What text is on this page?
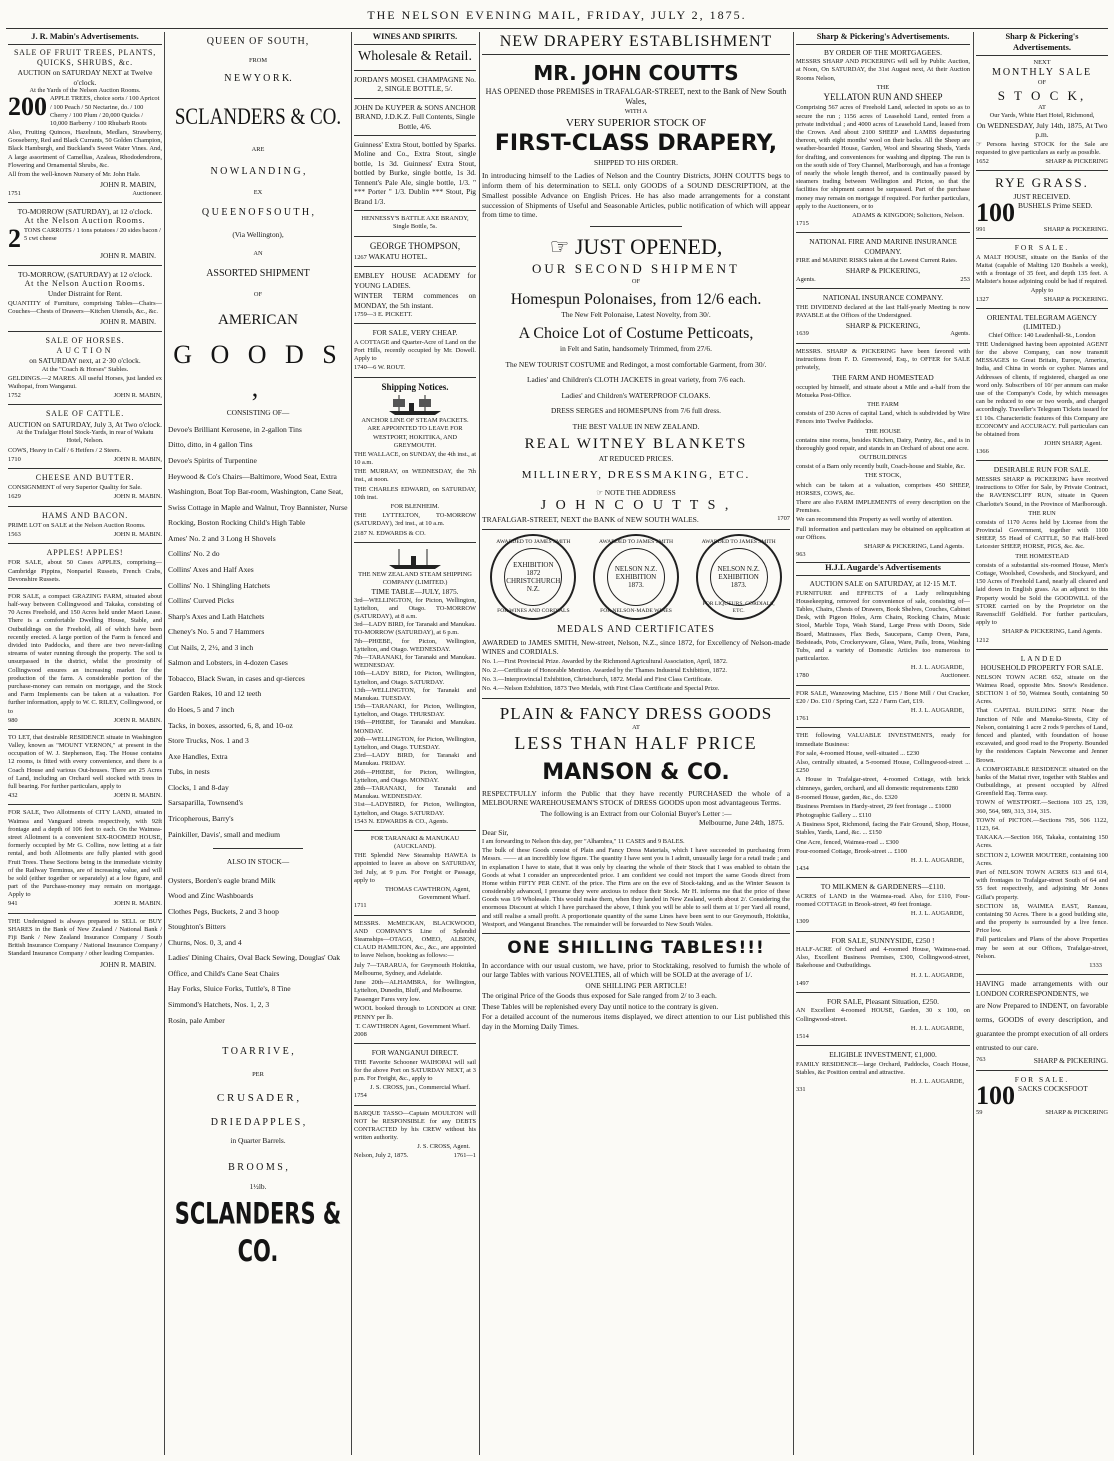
THE NELSON EVENING MAIL, FRIDAY, JULY 2, 1875.
J. R. Mabin's Advertisements.
SALE OF FRUIT TREES, PLANTS, QUICKS, SHRUBS, &c.
AUCTION on SATURDAY NEXT at Twelve o'clock.
At the Yards of the Nelson Auction Rooms.
200 APPLE TREES, choice sorts / 100 Apricot / 100 Peach / 50 Nectarine, do. / 100 Cherry / 100 Plum / 20,000 Quicks / 10,000 Barberry / 100 Rhubarb Roots
Also, Fruiting Quinces, Hazelnuts, Medlars, Strawberry, Gooseberry, Red and Black Currants, 50 Golden Champion, Black Hamburgh, and Buckland's Sweet Water Vines. And, A large assortment of Camellias, Azaleas, Rhododendrons, Flowering and Ornamental Shrubs, &c.
All from the well-known Nursery of Mr. John Hale.
JOHN R. MABIN,
1751	Auctioneer.
TO-MORROW (SATURDAY), at 12 o'clock.
At the Nelson Auction Rooms.
2 TONS CARROTS / 1 tons potatoes / 20 sides bacon / 5 cwt cheese
JOHN R. MABIN.
TO-MORROW, (SATURDAY) at 12 o'clock.
At the Nelson Auction Rooms.
Under Distraint for Rent.
QUANTITY of Furniture, comprising Tables—Chairs—Couches—Chests of Drawers—Kitchen Utensils, &c., &c.
JOHN R. MABIN.
SALE OF HORSES.
AUCTION
on SATURDAY next, at 2·30 o'clock.
At the "Coach & Horses" Stables.
GELDINGS.—2 MARES. All useful Horses, just landed ex Waihopai, from Wanganui.
1752	JOHN R. MABIN,
SALE OF CATTLE.
AUCTION on SATURDAY, July 3, At Two o'clock.
At the Trafalgar Hotel Stock-Yards, in rear of Wakatu Hotel, Nelson.
COWS, Heavy in Calf / 6 Heifers / 2 Steers.
1710	JOHN R. MABIN,
CHEESE AND BUTTER.
CONSIGNMENT of very Superior Quality for Sale.
1629	JOHN R. MABIN.
HAMS AND BACON.
PRIME LOT on SALE at the Nelson Auction Rooms.
1563	JOHN R. MABIN.
APPLES! APPLES!
FOR SALE, about 50 Cases APPLES, comprising—Cambridge Pippins, Nonpariel Russets, French Crabs, Devonshire Russets.
FOR SALE, a compact GRAZING FARM, situated about half-way between Collingwood and Takaka, consisting of 70 Acres Freehold, and 150 Acres held under Maori Lease. There is a comfortable Dwelling House, Stable, and Outbuildings on the Freehold, all of which have been recently erected. A large portion of the Farm is fenced and divided into Paddocks, and there are two never-failing streams of water running through the property. The soil is unsurpassed in the district, whilst the proximity of Collingwood ensures an increasing market for the production of the farm. A considerable portion of the purchase-money can remain on mortgage, and the Stock and Farm Implements can be taken at a valuation. For further information, apply to W. C. RILEY, Collingwood, or to
980	JOHN R. MABIN.
TO LET, that desirable RESIDENCE situate in Washington Valley, known as "MOUNT VERNON," at present in the occupation of W. J. Stephenson, Esq. The House contains 12 rooms, is fitted with every convenience, and there is a Coach House and various Out-houses. There are 25 Acres of Land, including an Orchard well stocked with trees in full bearing. For further particulars, apply to
432	JOHN R. MABIN.
FOR SALE, Two Allotments of CITY LAND, situated in Waimea and Vanguard streets respectively, with 92ft frontage and a depth of 106 feet to each. On the Waimea-street Allotment is a convenient SIX-ROOMED HOUSE, formerly occupied by Mr G. Collins, now letting at a fair rental, and both Allotments are fully planted with good Fruit Trees. These Sections being in the immediate vicinity of the Railway Terminus, are of increasing value, and will be sold (either together or separately) at a low figure, and part of the Purchase-money may remain on mortgage. Apply to
941	JOHN R. MABIN.
THE Undersigned is always prepared to SELL or BUY SHARES in the Bank of New Zealand / National Bank / Fiji Bank / New Zealand Insurance Company / South British Insurance Company / National Insurance Company / Standard Insurance Company / other leading Companies.
JOHN R. MABIN.
QUEEN OF SOUTH,
FROM
N E W Y O R K.
SCLANDERS & CO.
ARE
N O W L A N D I N G ,
EX
Q U E E N O F S O U T H ,
(Via Wellington),
AN
ASSORTED SHIPMENT
OF
AMERICAN
G O O D S ,
CONSISTING OF—

Devoe's Brilliant Kerosene, in 2-gallon Tins

Ditto, ditto, in 4 gallon Tins

Devoe's Spirits of Turpentine

Heywood & Co's Chairs—Baltimore, Wood Seat, Extra Washington, Boat Top Bar-room, Washington, Cane Seat, Swiss Cottage in Maple and Walnut, Troy Bannister, Nurse Rocking, Boston Rocking Child's High Table

Ames' No. 2 and 3 Long H Shovels

Collins' No. 2 do

Collins' Axes and Half Axes

Collins' No. 1 Shingling Hatchets

Collins' Curved Picks

Sharp's Axes and Lath Hatchets

Cheney's No. 5 and 7 Hammers

Cut Nails, 2, 2½, and 3 inch

Salmon and Lobsters, in 4-dozen Cases

Tobacco, Black Swan, in cases and qr-tierces

Garden Rakes, 10 and 12 teeth

do Hoes, 5 and 7 inch

Tacks, in boxes, assorted, 6, 8, and 10-oz

Store Trucks, Nos. 1 and 3

Axe Handles, Extra

Tubs, in nests

Clocks, 1 and 8-day

Sarsaparilla, Townsend's

Tricopherous, Barry's

Painkiller, Davis', small and medium

ALSO IN STOCK—

Oysters, Borden's eagle brand Milk

Wood and Zinc Washboards

Clothes Pegs, Buckets, 2 and 3 hoop

Stoughton's Bitters

Churns, Nos. 0, 3, and 4

Ladies' Dining Chairs, Oval Back Sewing, Douglas' Oak Office, and Child's Cane Seat Chairs

Hay Forks, Sluice Forks, Tuttle's, 8 Tine

Simmond's Hatchets, Nos. 1, 2, 3

Rosin, pale Amber

T O A R R I V E ,
PER
C R U S A D E R ,
D R I E D A P P L E S ,
in Quarter Barrels.
B R O O M S ,
1½lb.
SCLANDERS & CO.
WINES AND SPIRITS.
Wholesale & Retail.
JORDAN'S MOSEL CHAMPAGNE No. 2, SINGLE BOTTLE, 5/.
JOHN De KUYPER & SONS ANCHOR BRAND, J.D.K.Z. Full Contents, Single Bottle, 4/6.
Guinness' Extra Stout, bottled by Sparks. Moline and Co., Extra Stout, single bottle, 1s 3d. Guinness' Extra Stout, bottled by Burke, single bottle, 1s 3d. Tennent's Pale Ale, single bottle, 1/3. " *** Porter " 1/3. Dublin *** Stout, Pig Brand 1/3.
HENNESSY'S BATTLE AXE BRANDY, Single Bottle, 5s.
GEORGE THOMPSON,
1267 WAKATU HOTEL.
EMBLEY HOUSE ACADEMY for YOUNG LADIES.
WINTER TERM commences on MONDAY, the 5th instant.
1759—3 E. PICKETT.
FOR SALE, VERY CHEAP.
A COTTAGE and Quarter-Acre of Land on the Port Hills, recently occupied by Mr. Dowell. Apply to
1740—6 W. ROUT.
Shipping Notices.
ANCHOR LINE OF STEAM PACKETS.
ARE APPOINTED TO LEAVE FOR WESTPORT, HOKITIKA, AND GREYMOUTH.
THE WALLACE, on SUNDAY, the 4th inst., at 10 a.m.
THE MURRAY, on WEDNESDAY, the 7th inst., at noon.
THE CHARLES EDWARD, on SATURDAY, 10th inst.
FOR BLENHEIM.
THE LYTTELTON, TO-MORROW (SATURDAY), 3rd inst., at 10 a.m.
2187 N. EDWARDS & CO.
THE NEW ZEALAND STEAM SHIPPING COMPANY (LIMITED.)
TIME TABLE—JULY, 1875.

3rd—WELLINGTON, for Picton, Wellington, Lyttelton, and Otago. TO-MORROW (SATURDAY), at 8 a.m.

3rd—LADY BIRD, for Taranaki and Manukau. TO-MORROW (SATURDAY), at 6 p.m.

7th—PHŒBE, for Picton, Wellington, Lyttelton, and Otago. WEDNESDAY.

7th—TARANAKI, for Taranaki and Manukau. WEDNESDAY.

10th—LADY BIRD, for Picton, Wellington, Lyttelton, and Otago. SATURDAY.

13th—WELLINGTON, for Taranaki and Manukau. TUESDAY.

15th—TARANAKI, for Picton, Wellington, Lyttelton, and Otago. THURSDAY.

19th—PHŒBE, for Taranaki and Manukau. MONDAY.

20th—WELLINGTON, for Picton, Wellington, Lyttelton, and Otago. TUESDAY.

23rd—LADY BIRD, for Taranaki and Manukau. FRIDAY.

26th—PHŒBE, for Picton, Wellington, Lyttelton, and Otago. MONDAY.

28th—TARANAKI, for Taranaki and Manukau. WEDNESDAY.

31st—LADYBIRD, for Picton, Wellington, Lyttelton, and Otago. SATURDAY.

1543 N. EDWARDS & CO., Agents.
FOR TARANAKI & MANUKAU (AUCKLAND).
THE Splendid New Steamship HAWEA is appointed to leave as above on SATURDAY, 3rd July, at 9 p.m. For Freight or Passage, apply to
THOMAS CAWTHRON, Agent, Government Wharf.
1711
MESSRS. McMECKAN, BLACKWOOD, AND COMPANY'S Line of Splendid Steamships—OTAGO, OMEO, ALBION, CLAUD HAMILTON, &c., &c., are appointed to leave Nelson, booking as follows:—
July 7—TARARUA, for Greymouth Hokitika, Melbourne, Sydney, and Adelaide.
June 20th—ALHAMBRA, for Wellington, Lyttelton, Dunedin, Bluff, and Melbourne.
Passenger Fares very low.
WOOL booked through to LONDON at ONE PENNY per lb.
T. CAWTHRON Agent, Government Wharf.
2008
FOR WANGANUI DIRECT.
THE Favorite Schooner WAIHOPAI will sail for the above Port on SATURDAY NEXT, at 3 p.m. For Freight, &c., apply to
J. S. CROSS, jun., Commercial Wharf.
1754
BARQUE TASSO—Captain MOULTON will NOT be RESPONSIBLE for any DEBTS CONTRACTED by his CREW without his written authority.
J. S. CROSS, Agent.
Nelson, July 2, 1875.	1761—1
NEW DRAPERY ESTABLISHMENT
MR. JOHN COUTTS
HAS OPENED those PREMISES in TRAFALGAR-STREET, next to the Bank of New South Wales,
WITH A
VERY SUPERIOR STOCK OF
FIRST-CLASS DRAPERY,
SHIPPED TO HIS ORDER.
In introducing himself to the Ladies of Nelson and the Country Districts, JOHN COUTTS begs to inform them of his determination to SELL only GOODS of a SOUND DESCRIPTION, at the Smallest possible Advance on English Prices. He has also made arrangements for a constant succession of Shipments of Useful and Seasonable Articles, public notification of which will appear from time to time.
☞ JUST OPENED,
OUR SECOND SHIPMENT
OF
Homespun Polonaises, from 12/6 each.
The New Felt Polonaise, Latest Novelty, from 30/.
A Choice Lot of Costume Petticoats,
in Felt and Satin, handsomely Trimmed, from 27/6.
The NEW TOURIST COSTUME and Redingot, a most comfortable Garment, from 30/.
Ladies' and Children's CLOTH JACKETS in great variety, from 7/6 each.
Ladies' and Children's WATERPROOF CLOAKS.
DRESS SERGES and HOMESPUNS from 7/6 full dress.
THE BEST VALUE IN NEW ZEALAND.
REAL WITNEY BLANKETS
AT REDUCED PRICES.
MILLINERY, DRESSMAKING, ETC.
☞ NOTE THE ADDRESS
J O H N C O U T T S ,
TRAFALGAR-STREET, NEXT the BANK of NEW SOUTH WALES.	1707
AWARDED TO JAMES SMITH
EXHIBITION
1872
CHRISTCHURCH N.Z.
FOR WINES AND CORDIALS
AWARDED TO JAMES SMITH
NELSON N.Z.
EXHIBITION
1873.
FOR NELSON-MADE WINES
AWARDED TO JAMES SMITH
NELSON N.Z.
EXHIBITION
1873.
FOR LIQUEURS, CORDIALS, ETC.
MEDALS AND CERTIFICATES
AWARDED to JAMES SMITH, New-street, Nelson, N.Z., since 1872, for Excellency of Nelson-made WINES and CORDIALS.

No. 1.—First Provincial Prize. Awarded by the Richmond Agricultural Association, April, 1872.

No. 2.—Certificate of Honorable Mention. Awarded by the Thames Industrial Exhibition, 1872.

No. 3.—Interprovincial Exhibition, Christchurch, 1872. Medal and First Class Certificate.

No. 4.—Nelson Exhibition, 1873 Two Medals, with First Class Certificate and Special Prize.

PLAIN & FANCY DRESS GOODS
AT
LESS THAN HALF PRICE
MANSON & CO.
RESPECTFULLY inform the Public that they have recently PURCHASED the whole of a MELBOURNE WAREHOUSEMAN'S STOCK of DRESS GOODS upon most advantageous Terms.
The following is an Extract from our Colonial Buyer's Letter :—
Melbourne, June 24th, 1875.
Dear Sir,
I am forwarding to Nelson this day, per "Alhambra," 11 CASES and 9 BALES.
The bulk of these Goods consist of Plain and Fancy Dress Materials, which I have succeeded in purchasing from Messrs. —— at an incredibly low figure. The quantity I have sent you is I admit, unusually large for a retail trade ; and in explanation I have to state, that it was only by clearing the whole of their Stock that I was enabled to obtain the Goods at what I consider an unprecedented price. I am confident we could not import the same Goods direct from Home within FIFTY PER CENT. of the price. The Firm are on the eve of Stock-taking, and as the Winter Season is considerably advanced, I presume they were anxious to reduce their Stock. Mr H. informs me that the price of these Goods was 1/9 Wholesale. This would make them, when they landed in New Zealand, worth about 2/. Considering the enormous Discount at which I have purchased the above, I think you will be able to sell them at 1/ per Yard all round, and still realise a small profit. A proportionate quantity of the same Lines have been sent to our Greymouth, Hokitika, Westport, and Wanganui Branches. The remainder will be forwarded to New South Wales.
ONE SHILLING TABLES!!!
In accordance with our usual custom, we have, prior to Stocktaking, resolved to furnish the whole of our large Tables with various NOVELTIES, all of which will be SOLD at the average of 1/.
ONE SHILLING PER ARTICLE!
The original Price of the Goods thus exposed for Sale ranged from 2/ to 3 each.
These Tables will be replenished every Day until notice to the contrary is given.
For a detailed account of the numerous items displayed, we direct attention to our List published this day in the Morning Daily Times.
Sharp & Pickering's Advertisements.
BY ORDER OF THE MORTGAGEES.
MESSRS SHARP AND PICKERING will sell by Public Auction, at Noon, On SATURDAY, the 31st August next, At their Auction Rooms Nelson,
THE
YELLATON RUN AND SHEEP
Comprising 567 acres of Freehold Land, selected in spots so as to secure the run ; 1156 acres of Leasehold Land, rented from a private individual ; and 4000 acres of Leasehold Land, leased from the Crown. And about 2100 SHEEP and LAMBS depasturing thereon, with eight months' wool on their backs. All the Sheep are weather-boarded House, Garden, Wool and Shearing Sheds, Yards for drafting, and conveniences for washing and dipping. The run is on the south side of Tory Channel, Marlborough, and has a frontage of nearly the whole length thereof, and is continually passed by steamers trading between Wellington and Picton, so that the facilities for shipment cannot be surpassed. Part of the purchase money may remain on mortgage if required. For further particulars, apply to the Auctioneers, or to
ADAMS & KINGDON; Solicitors, Nelson.
1715
NATIONAL FIRE AND MARINE INSURANCE COMPANY.
FIRE and MARINE RISKS taken at the Lowest Current Rates.
SHARP & PICKERING,
Agents.	253
NATIONAL INSURANCE COMPANY.
THE DIVIDEND declared at the last Half-yearly Meeting is now PAYABLE at the Offices of the Undersigned.
SHARP & PICKERING,
1639	Agents.
MESSRS. SHARP & PICKERING have been favored with instructions from F. D. Greenwood, Esq., to OFFER for SALE privately,
THE FARM AND HOMESTEAD
occupied by himself, and situate about a Mile and a-half from the Motueka Post-Office.
THE FARM
consists of 230 Acres of capital Land, which is subdivided by Wire Fences into Twelve Paddocks.
THE HOUSE
contains nine rooms, besides Kitchen, Dairy, Pantry, &c., and is in thoroughly good repair, and stands in an Orchard of about one acre.
OUTBUILDINGS
consist of a Barn only recently built, Coach-house and Stable, &c.
THE STOCK,
which can be taken at a valuation, comprises 450 SHEEP, HORSES, COWS, &c.
There are also FARM IMPLEMENTS of every description on the Premises.
We can recommend this Property as well worthy of attention.
Full information and particulars may be obtained on application at our Offices.
SHARP & PICKERING, Land Agents.
963
H.J.L Augarde's Advertisements
AUCTION SALE on SATURDAY, at 12·15 M.T.
FURNITURE and EFFECTS of a Lady relinquishing Housekeeping, removed for convenience of sale, consisting of— Tables, Chairs, Chests of Drawers, Book Shelves, Couches, Cabinet Desk, with Pigeon Holes, Arm Chairs, Rocking Chairs, Music Stool, Marble Tops, Wash Stand, Large Press with Doors, Side Board, Mattrasses, Flax Beds, Saucepans, Camp Oven, Pans, Bedsteads, Pots, Crockeryware, Glass, Ware, Pails, Irons, Washing Tubs, and a variety of Domestic Articles too numerous to particularize.
H. J. L. AUGARDE,
1780	Auctioneer.
FOR SALE, Wanzowing Machine, £15 / Bone Mill / Out Cracker, £20 / Do. £10 / Spring Cart, £22 / Farm Cart, £19.
H. J. L. AUGARDE,
1761
THE following VALUABLE INVESTMENTS, ready for immediate Business:

For sale, 4-roomed House, well-situated ... £230

Also, centrally situated, a 5-roomed House, Collingwood-street ... £250

A House in Trafalgar-street, 4-roomed Cottage, with brick chimneys, garden, orchard, and all domestic requirements £280

8-roomed House, garden, &c., do. £320

Business Premises in Hardy-street, 29 feet frontage ... £1000

Photographic Gallery ... £110

A Business Spot, Richmond, facing the Fair Ground, Shop, House, Stables, Yards, Land, &c. ... £150

One Acre, fenced, Waimea-road ... £300

Four-roomed Cottage, Brook-street ... £100

H. J. L. AUGARDE,
1434
TO MILKMEN & GARDENERS—£110.
ACRES of LAND in the Waimea-road. Also, for £110, Four-roomed COTTAGE in Brook-street, 49 feet frontage.
H. J. L. AUGARDE,
1309
FOR SALE, SUNNYSIDE, £250 !
HALF-ACRE of Orchard and 4-roomed House, Waimea-road. Also, Excellent Business Premises, £300, Collingwood-street, Bakehouse and Outbuildings.
H. J. L. AUGARDE,
1497
FOR SALE, Pleasant Situation, £250.
AN Excellent 4-roomed HOUSE, Garden, 30 x 100, on Collingwood-street.
H. J. L. AUGARDE,
1514
ELIGIBLE INVESTMENT, £1,000.
FAMILY RESIDENCE—large Orchard, Paddocks, Coach House, Stables, &c Position central and attractive.
H. J. L. AUGARDE,
331
Sharp & Pickering's Advertisements.
NEXT
MONTHLY SALE
OF
S T O C K,
AT
Our Yards, White Hart Hotel, Richmond,
On WEDNESDAY, July 14th, 1875, At Two p.m.
☞ Persons having STOCK for the Sale are requested to give particulars as early as possible.
1652	SHARP & PICKERING
RYE GRASS.
JUST RECEIVED.
100 BUSHELS Prime SEED.
991	SHARP & PICKERING.
FOR SALE.
A MALT HOUSE, situate on the Banks of the Maitai (capable of Malting 120 Bushels a week), with a frontage of 35 feet, and depth 135 feet. A Maltster's house adjoining could be had if required.
Apply to
1327	SHARP & PICKERING.
ORIENTAL TELEGRAM AGENCY (LIMITED.)
Chief Office: 140 Leadenhall-St., London
THE Undersigned having been appointed AGENT for the above Company, can now transmit MESSAGES to Great Britain, Europe, America, India, and China in words or cypher. Names and Addresses of clients, if registered, charged as one word only. Subscribers of 10/ per annum can make use of the Company's Code, by which messages can be reduced to one or two words, and charged accordingly. Traveller's Telegram Tickets issued for £1 10s. Characteristic features of this Company are ECONOMY and ACCURACY. Full particulars can be obtained from
JOHN SHARP, Agent.
1366
DESIRABLE RUN FOR SALE.
MESSRS SHARP & PICKERING have received instructions to Offer for Sale, by Private Contract, the RAVENSCLIFF RUN, situate in Queen Charlotte's Sound, in the Province of Marlborough.
THE RUN
consists of 1170 Acres held by License from the Provincial Government, together with 1100 SHEEP, 55 Head of CATTLE, 50 Fat Half-bred Leicester SHEEP, HORSE, PIGS, &c. &c.
THE HOMESTEAD
consists of a substantial six-roomed House, Men's Cottage, Woolshed, Cowsheds, and Stockyard, and 150 Acres of Freehold Land, nearly all cleared and laid down in English grass. As an adjunct to this Property would be Sold the GOODWILL of the STORE carried on by the Proprietor on the Ravenscliff Goldfield. For further particulars, apply to
SHARP & PICKERING, Land Agents.
1212
LANDED
HOUSEHOLD PROPERTY FOR SALE.
NELSON TOWN ACRE 652, situate on the Waimea Road, opposite Mrs. Snow's Residence. SECTION 1 of 50, Waimea South, containing 50 Acres.
That CAPITAL BUILDING SITE Near the Junction of Nile and Manuka-Streets, City of Nelson, containing 1 acre 2 rods 9 perches of Land, fenced and planted, with foundation of house excavated, and good road to the Property. Bounded by the residences Captain Newcome and Jenner Brown.
A COMFORTABLE RESIDENCE situated on the banks of the Maitai river, together with Stables and Outbuildings, at present occupied by Alfred Greenfield Esq. Terms easy.
TOWN of WESTPORT.—Sections 103 25, 139, 360, 564, 989, 313, 314, 315.
TOWN of PICTON.—Sections 795, 506 1122, 1123, 64.
TAKAKA.—Section 166, Takaka, containing 150 Acres.
SECTION 2, LOWER MOUTERE, containing 100 Acres.
Part of NELSON TOWN ACRES 613 and 614, with frontages to Trafalgar-street South of 64 and 55 feet respectively, and adjoining Mr Jones Gillat's property.
SECTION 18, WAIMEA EAST, Ranzau, containing 50 Acres. There is a good building site, and the property is surrounded by a live fence. Price low.
Full particulars and Plans of the above Properties may be seen at our Offices, Trafalgar-street, Nelson.
1333
HAVING made arrangements with our LONDON CORRESPONDENTS, we
are Now Prepared to INDENT, on favorable terms, GOODS of every description, and guarantee the prompt execution of all orders entrusted to our care.
763	SHARP & PICKERING.
FOR SALE.
100 SACKS COCKSFOOT
59	SHARP & PICKERING
